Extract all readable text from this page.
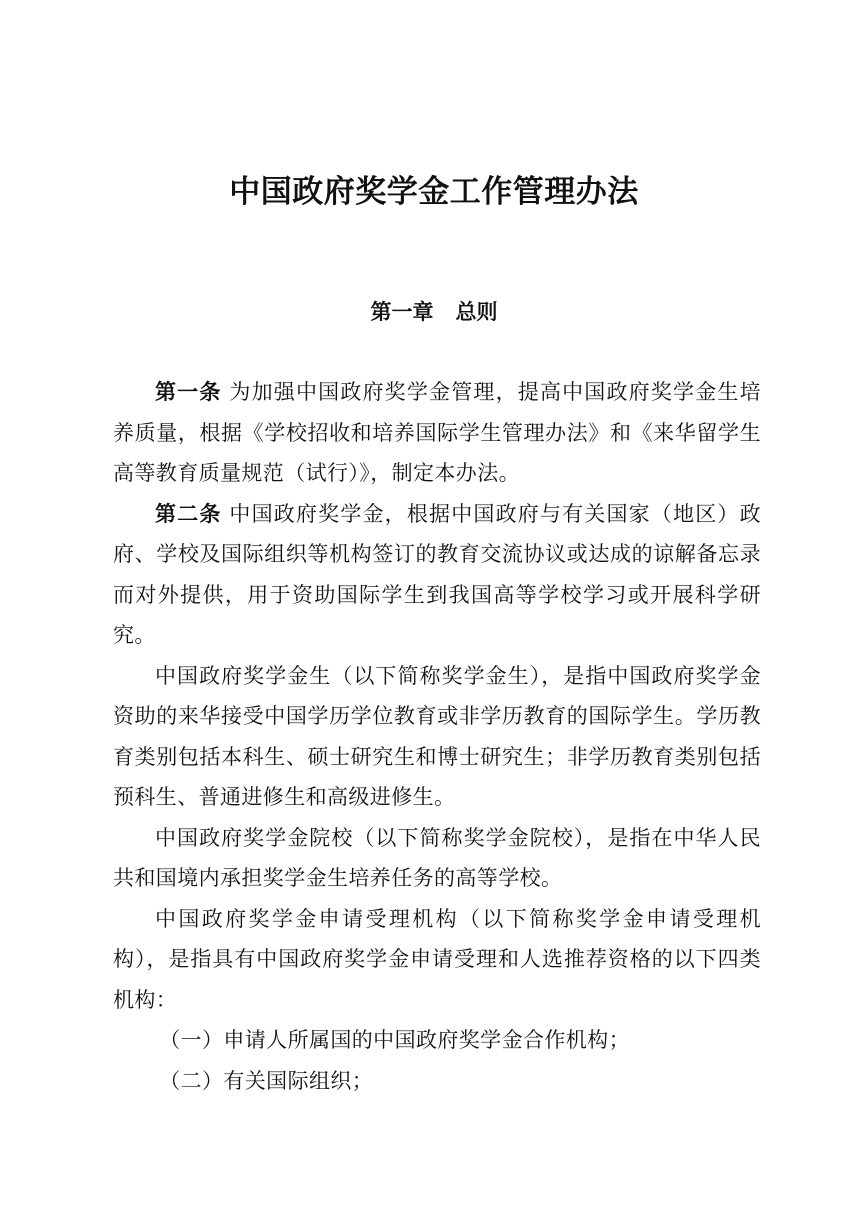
中国政府奖学金工作管理办法
第一章   总则

第一条 为加强中国政府奖学金管理，提高中国政府奖学金生培养质量，根据《学校招收和培养国际学生管理办法》和《来华留学生高等教育质量规范（试行）》，制定本办法。

第二条 中国政府奖学金，根据中国政府与有关国家（地区）政府、学校及国际组织等机构签订的教育交流协议或达成的谅解备忘录而对外提供，用于资助国际学生到我国高等学校学习或开展科学研究。

中国政府奖学金生（以下简称奖学金生），是指中国政府奖学金资助的来华接受中国学历学位教育或非学历教育的国际学生。学历教育类别包括本科生、硕士研究生和博士研究生；非学历教育类别包括预科生、普通进修生和高级进修生。

中国政府奖学金院校（以下简称奖学金院校），是指在中华人民共和国境内承担奖学金生培养任务的高等学校。

中国政府奖学金申请受理机构（以下简称奖学金申请受理机构），是指具有中国政府奖学金申请受理和人选推荐资格的以下四类机构：

（一）申请人所属国的中国政府奖学金合作机构；

（二）有关国际组织；
